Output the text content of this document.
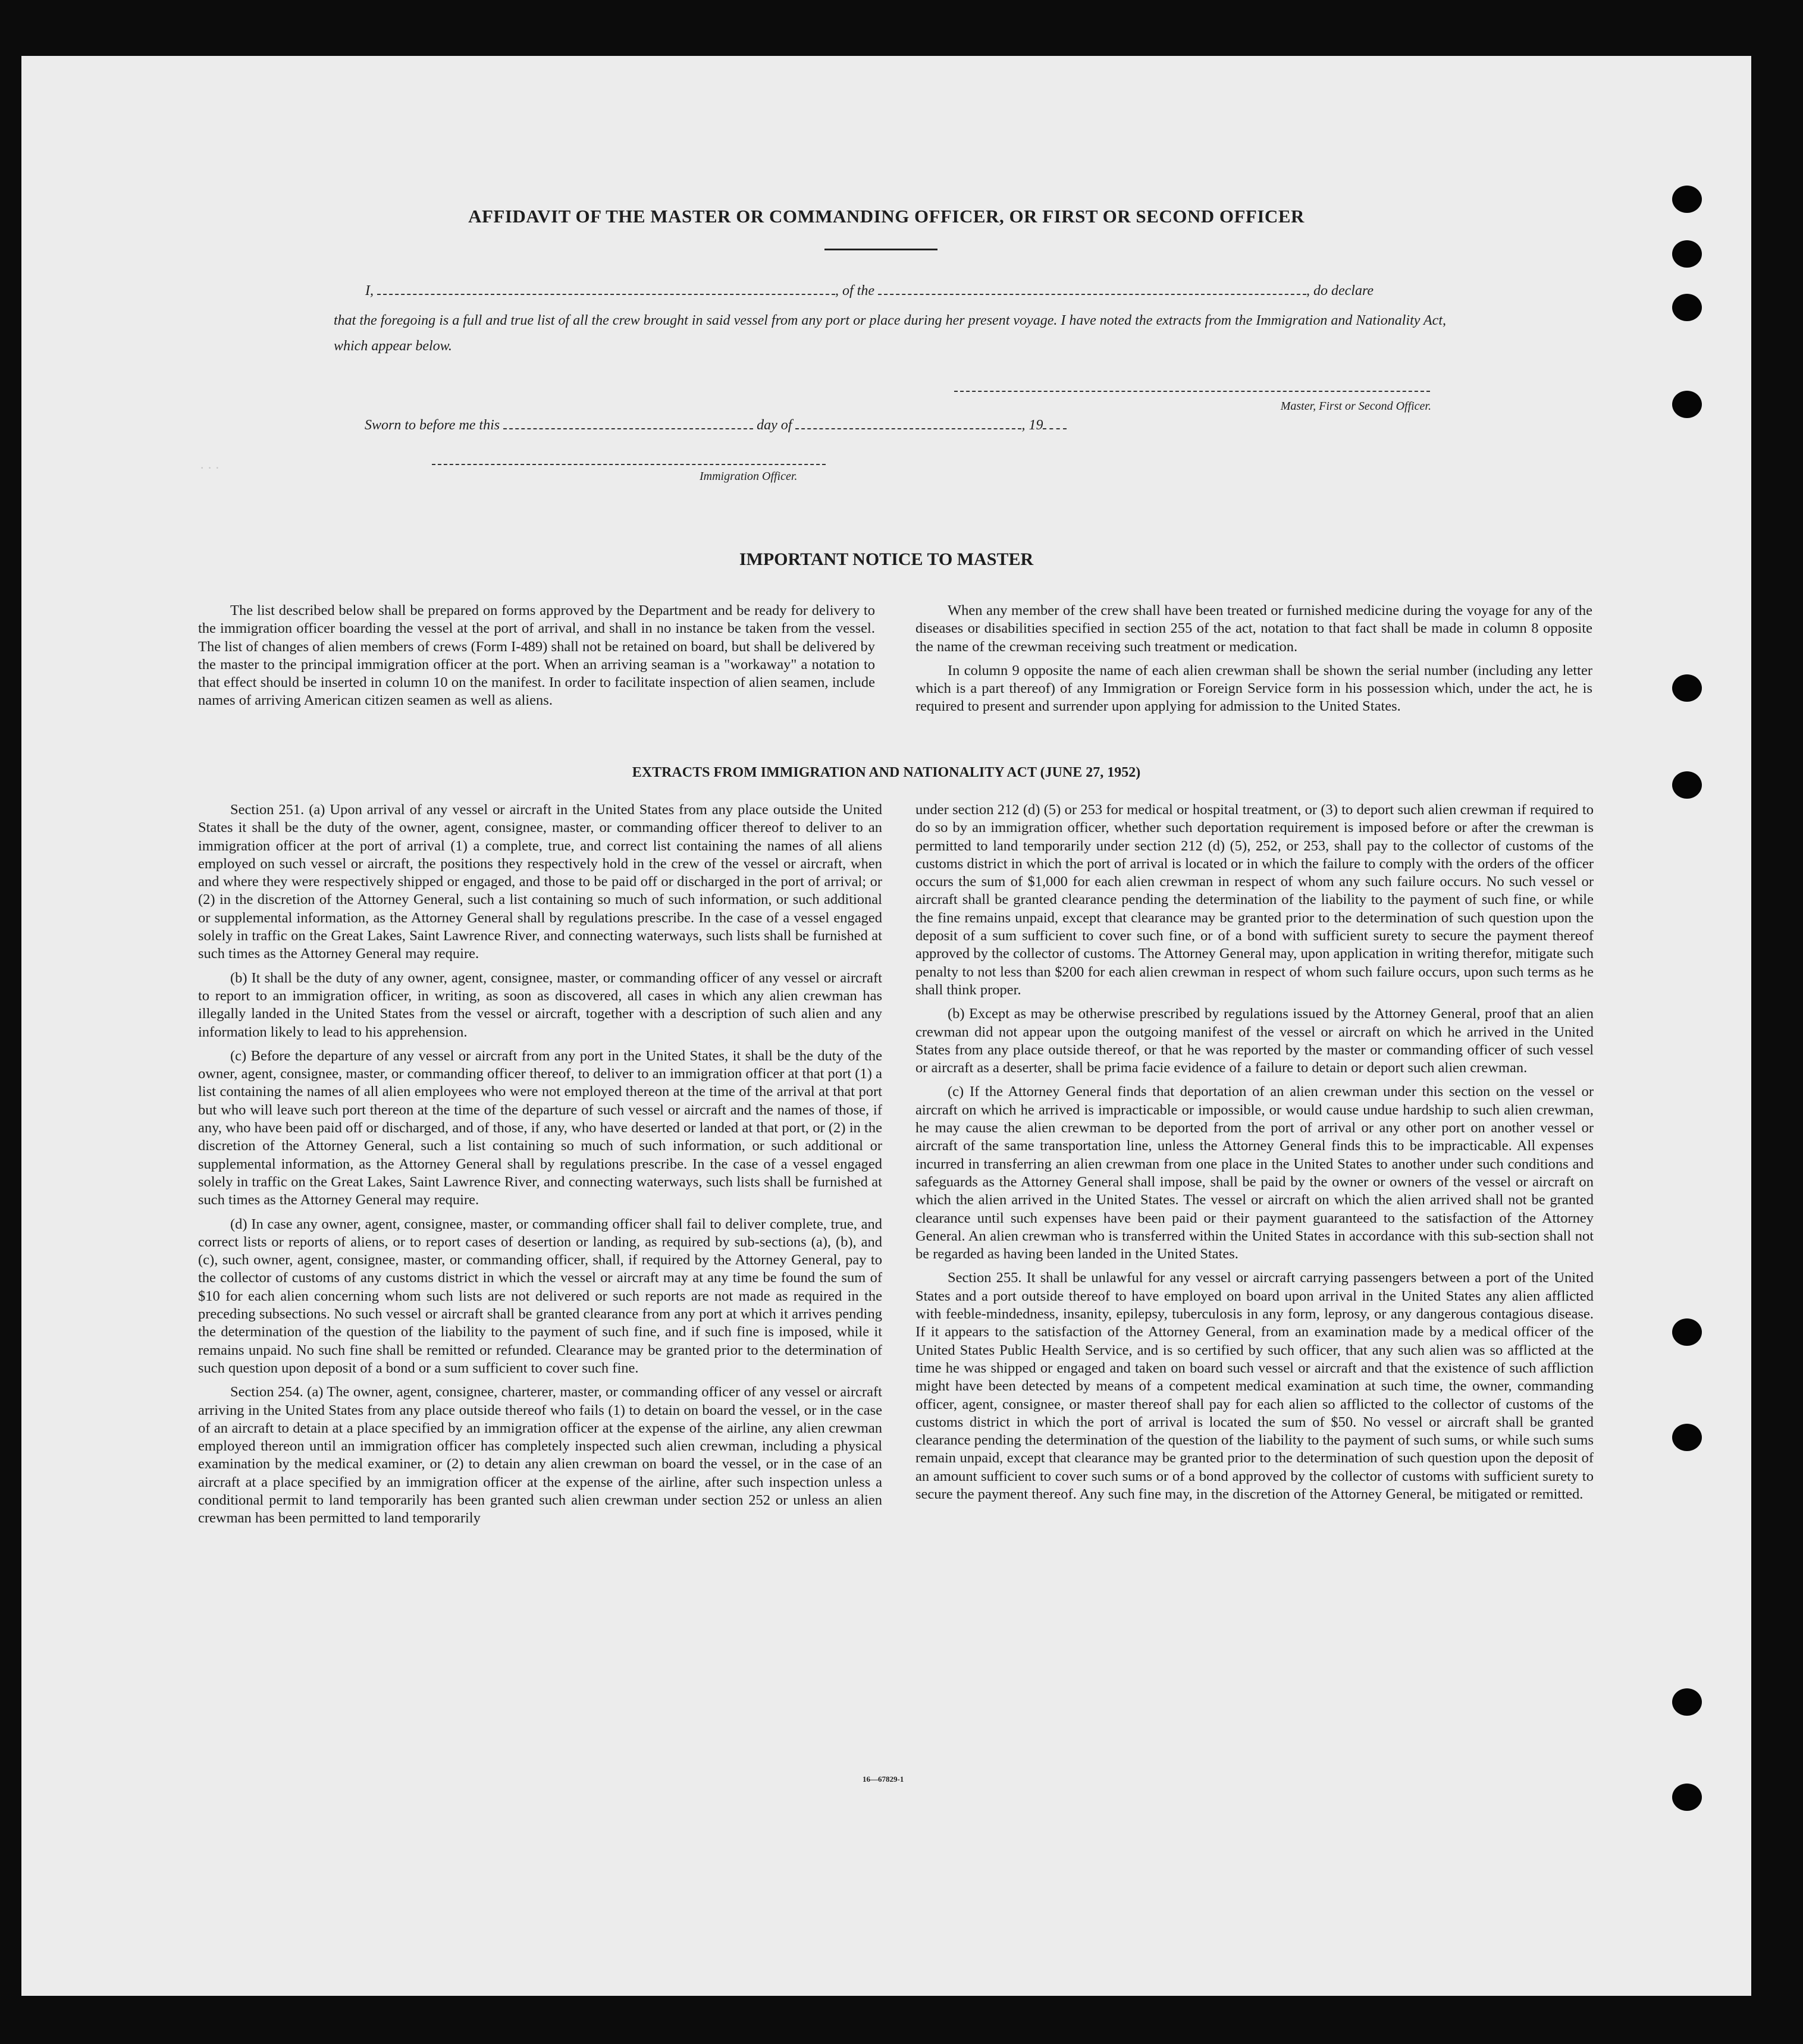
· · ·
AFFIDAVIT OF THE MASTER OR COMMANDING OFFICER, OR FIRST OR SECOND OFFICER
I,	, of the	, do declare
that the foregoing is a full and true list of all the crew brought in said vessel from any port or place during her present voyage. I have noted the extracts from the Immigration and Nationality Act, which appear below.
Master, First or Second Officer.
Sworn to before me this	day of	, 19
Immigration Officer.
IMPORTANT NOTICE TO MASTER

The list described below shall be prepared on forms approved by the Department and be ready for delivery to the immigration officer boarding the vessel at the port of arrival, and shall in no instance be taken from the vessel. The list of changes of alien members of crews (Form I-489) shall not be retained on board, but shall be delivered by the master to the principal immigration officer at the port. When an arriving seaman is a "workaway" a notation to that effect should be inserted in column 10 on the manifest. In order to facilitate inspection of alien seamen, include names of arriving American citizen seamen as well as aliens.

When any member of the crew shall have been treated or furnished medicine during the voyage for any of the diseases or disabilities specified in section 255 of the act, notation to that fact shall be made in column 8 opposite the name of the crewman receiving such treatment or medication.

In column 9 opposite the name of each alien crewman shall be shown the serial number (including any letter which is a part thereof) of any Immigration or Foreign Service form in his possession which, under the act, he is required to present and surrender upon applying for admission to the United States.

EXTRACTS FROM IMMIGRATION AND NATIONALITY ACT (JUNE 27, 1952)

Section 251. (a) Upon arrival of any vessel or aircraft in the United States from any place outside the United States it shall be the duty of the owner, agent, consignee, master, or commanding officer thereof to deliver to an immigration officer at the port of arrival (1) a complete, true, and correct list containing the names of all aliens employed on such vessel or aircraft, the positions they respectively hold in the crew of the vessel or aircraft, when and where they were respectively shipped or engaged, and those to be paid off or discharged in the port of arrival; or (2) in the discretion of the Attorney General, such a list containing so much of such information, or such additional or supplemental information, as the Attorney General shall by regulations prescribe. In the case of a vessel engaged solely in traffic on the Great Lakes, Saint Lawrence River, and connecting waterways, such lists shall be furnished at such times as the Attorney General may require.

(b) It shall be the duty of any owner, agent, consignee, master, or commanding officer of any vessel or aircraft to report to an immigration officer, in writing, as soon as discovered, all cases in which any alien crewman has illegally landed in the United States from the vessel or aircraft, together with a description of such alien and any information likely to lead to his apprehension.

(c) Before the departure of any vessel or aircraft from any port in the United States, it shall be the duty of the owner, agent, consignee, master, or commanding officer thereof, to deliver to an immigration officer at that port (1) a list containing the names of all alien employees who were not employed thereon at the time of the arrival at that port but who will leave such port thereon at the time of the departure of such vessel or aircraft and the names of those, if any, who have been paid off or discharged, and of those, if any, who have deserted or landed at that port, or (2) in the discretion of the Attorney General, such a list containing so much of such information, or such additional or supplemental information, as the Attorney General shall by regulations prescribe. In the case of a vessel engaged solely in traffic on the Great Lakes, Saint Lawrence River, and connecting waterways, such lists shall be furnished at such times as the Attorney General may require.

(d) In case any owner, agent, consignee, master, or commanding officer shall fail to deliver complete, true, and correct lists or reports of aliens, or to report cases of desertion or landing, as required by sub-sections (a), (b), and (c), such owner, agent, consignee, master, or commanding officer, shall, if required by the Attorney General, pay to the collector of customs of any customs district in which the vessel or aircraft may at any time be found the sum of $10 for each alien concerning whom such lists are not delivered or such reports are not made as required in the preceding subsections. No such vessel or aircraft shall be granted clearance from any port at which it arrives pending the determination of the question of the liability to the payment of such fine, and if such fine is imposed, while it remains unpaid. No such fine shall be remitted or refunded. Clearance may be granted prior to the determination of such question upon deposit of a bond or a sum sufficient to cover such fine.

Section 254. (a) The owner, agent, consignee, charterer, master, or commanding officer of any vessel or aircraft arriving in the United States from any place outside thereof who fails (1) to detain on board the vessel, or in the case of an aircraft to detain at a place specified by an immigration officer at the expense of the airline, any alien crewman employed thereon until an immigration officer has completely inspected such alien crewman, including a physical examination by the medical examiner, or (2) to detain any alien crewman on board the vessel, or in the case of an aircraft at a place specified by an immigration officer at the expense of the airline, after such inspection unless a conditional permit to land temporarily has been granted such alien crewman under section 252 or unless an alien crewman has been permitted to land temporarily

under section 212 (d) (5) or 253 for medical or hospital treatment, or (3) to deport such alien crewman if required to do so by an immigration officer, whether such deportation requirement is imposed before or after the crewman is permitted to land temporarily under section 212 (d) (5), 252, or 253, shall pay to the collector of customs of the customs district in which the port of arrival is located or in which the failure to comply with the orders of the officer occurs the sum of $1,000 for each alien crewman in respect of whom any such failure occurs. No such vessel or aircraft shall be granted clearance pending the determination of the liability to the payment of such fine, or while the fine remains unpaid, except that clearance may be granted prior to the determination of such question upon the deposit of a sum sufficient to cover such fine, or of a bond with sufficient surety to secure the payment thereof approved by the collector of customs. The Attorney General may, upon application in writing therefor, mitigate such penalty to not less than $200 for each alien crewman in respect of whom such failure occurs, upon such terms as he shall think proper.

(b) Except as may be otherwise prescribed by regulations issued by the Attorney General, proof that an alien crewman did not appear upon the outgoing manifest of the vessel or aircraft on which he arrived in the United States from any place outside thereof, or that he was reported by the master or commanding officer of such vessel or aircraft as a deserter, shall be prima facie evidence of a failure to detain or deport such alien crewman.

(c) If the Attorney General finds that deportation of an alien crewman under this section on the vessel or aircraft on which he arrived is impracticable or impossible, or would cause undue hardship to such alien crewman, he may cause the alien crewman to be deported from the port of arrival or any other port on another vessel or aircraft of the same transportation line, unless the Attorney General finds this to be impracticable. All expenses incurred in transferring an alien crewman from one place in the United States to another under such conditions and safeguards as the Attorney General shall impose, shall be paid by the owner or owners of the vessel or aircraft on which the alien arrived in the United States. The vessel or aircraft on which the alien arrived shall not be granted clearance until such expenses have been paid or their payment guaranteed to the satisfaction of the Attorney General. An alien crewman who is transferred within the United States in accordance with this sub-section shall not be regarded as having been landed in the United States.

Section 255. It shall be unlawful for any vessel or aircraft carrying passengers between a port of the United States and a port outside thereof to have employed on board upon arrival in the United States any alien afflicted with feeble-mindedness, insanity, epilepsy, tuberculosis in any form, leprosy, or any dangerous contagious disease. If it appears to the satisfaction of the Attorney General, from an examination made by a medical officer of the United States Public Health Service, and is so certified by such officer, that any such alien was so afflicted at the time he was shipped or engaged and taken on board such vessel or aircraft and that the existence of such affliction might have been detected by means of a competent medical examination at such time, the owner, commanding officer, agent, consignee, or master thereof shall pay for each alien so afflicted to the collector of customs of the customs district in which the port of arrival is located the sum of $50. No vessel or aircraft shall be granted clearance pending the determination of the question of the liability to the payment of such sums, or while such sums remain unpaid, except that clearance may be granted prior to the determination of such question upon the deposit of an amount sufficient to cover such sums or of a bond approved by the collector of customs with sufficient surety to secure the payment thereof. Any such fine may, in the discretion of the Attorney General, be mitigated or remitted.

16—67829-1
